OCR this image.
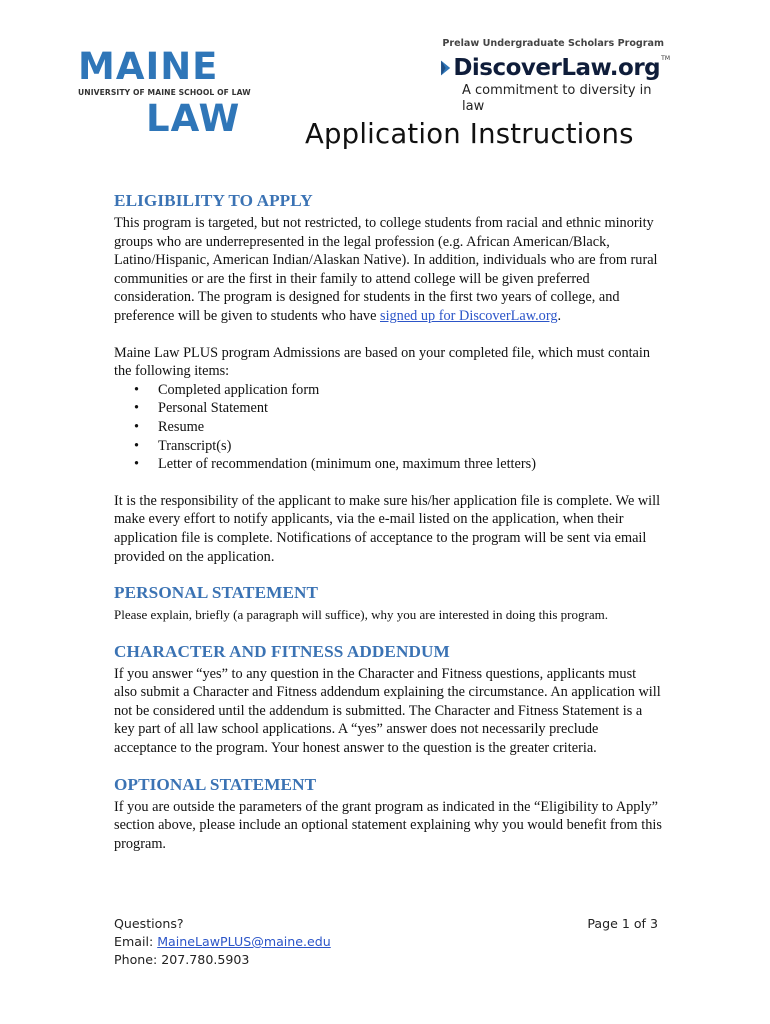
MAINE
UNIVERSITY OF MAINE SCHOOL OF LAW
LAW
Prelaw Undergraduate Scholars Program
DiscoverLaw.org TM
A commitment to diversity in law
Application Instructions
ELIGIBILITY TO APPLY

This program is targeted, but not restricted, to college students from racial and ethnic minority groups who are underrepresented in the legal profession (e.g. African American/Black, Latino/Hispanic, American Indian/Alaskan Native). In addition, individuals who are from rural communities or are the first in their family to attend college will be given preferred consideration. The program is designed for students in the first two years of college, and preference will be given to students who have signed up for DiscoverLaw.org.

Maine Law PLUS program Admissions are based on your completed file, which must contain the following items:

• Completed application form
• Personal Statement
• Resume
• Transcript(s)
• Letter of recommendation (minimum one, maximum three letters)

It is the responsibility of the applicant to make sure his/her application file is complete. We will make every effort to notify applicants, via the e-mail listed on the application, when their application file is complete. Notifications of acceptance to the program will be sent via email provided on the application.

PERSONAL STATEMENT

Please explain, briefly (a paragraph will suffice), why you are interested in doing this program.

CHARACTER AND FITNESS ADDENDUM

If you answer “yes” to any question in the Character and Fitness questions, applicants must also submit a Character and Fitness addendum explaining the circumstance. An application will not be considered until the addendum is submitted. The Character and Fitness Statement is a key part of all law school applications. A “yes” answer does not necessarily preclude acceptance to the program. Your honest answer to the question is the greater criteria.

OPTIONAL STATEMENT

If you are outside the parameters of the grant program as indicated in the “Eligibility to Apply” section above, please include an optional statement explaining why you would benefit from this program.

Questions?
Email: MaineLawPLUS@maine.edu
Phone: 207.780.5903
Page 1 of 3
